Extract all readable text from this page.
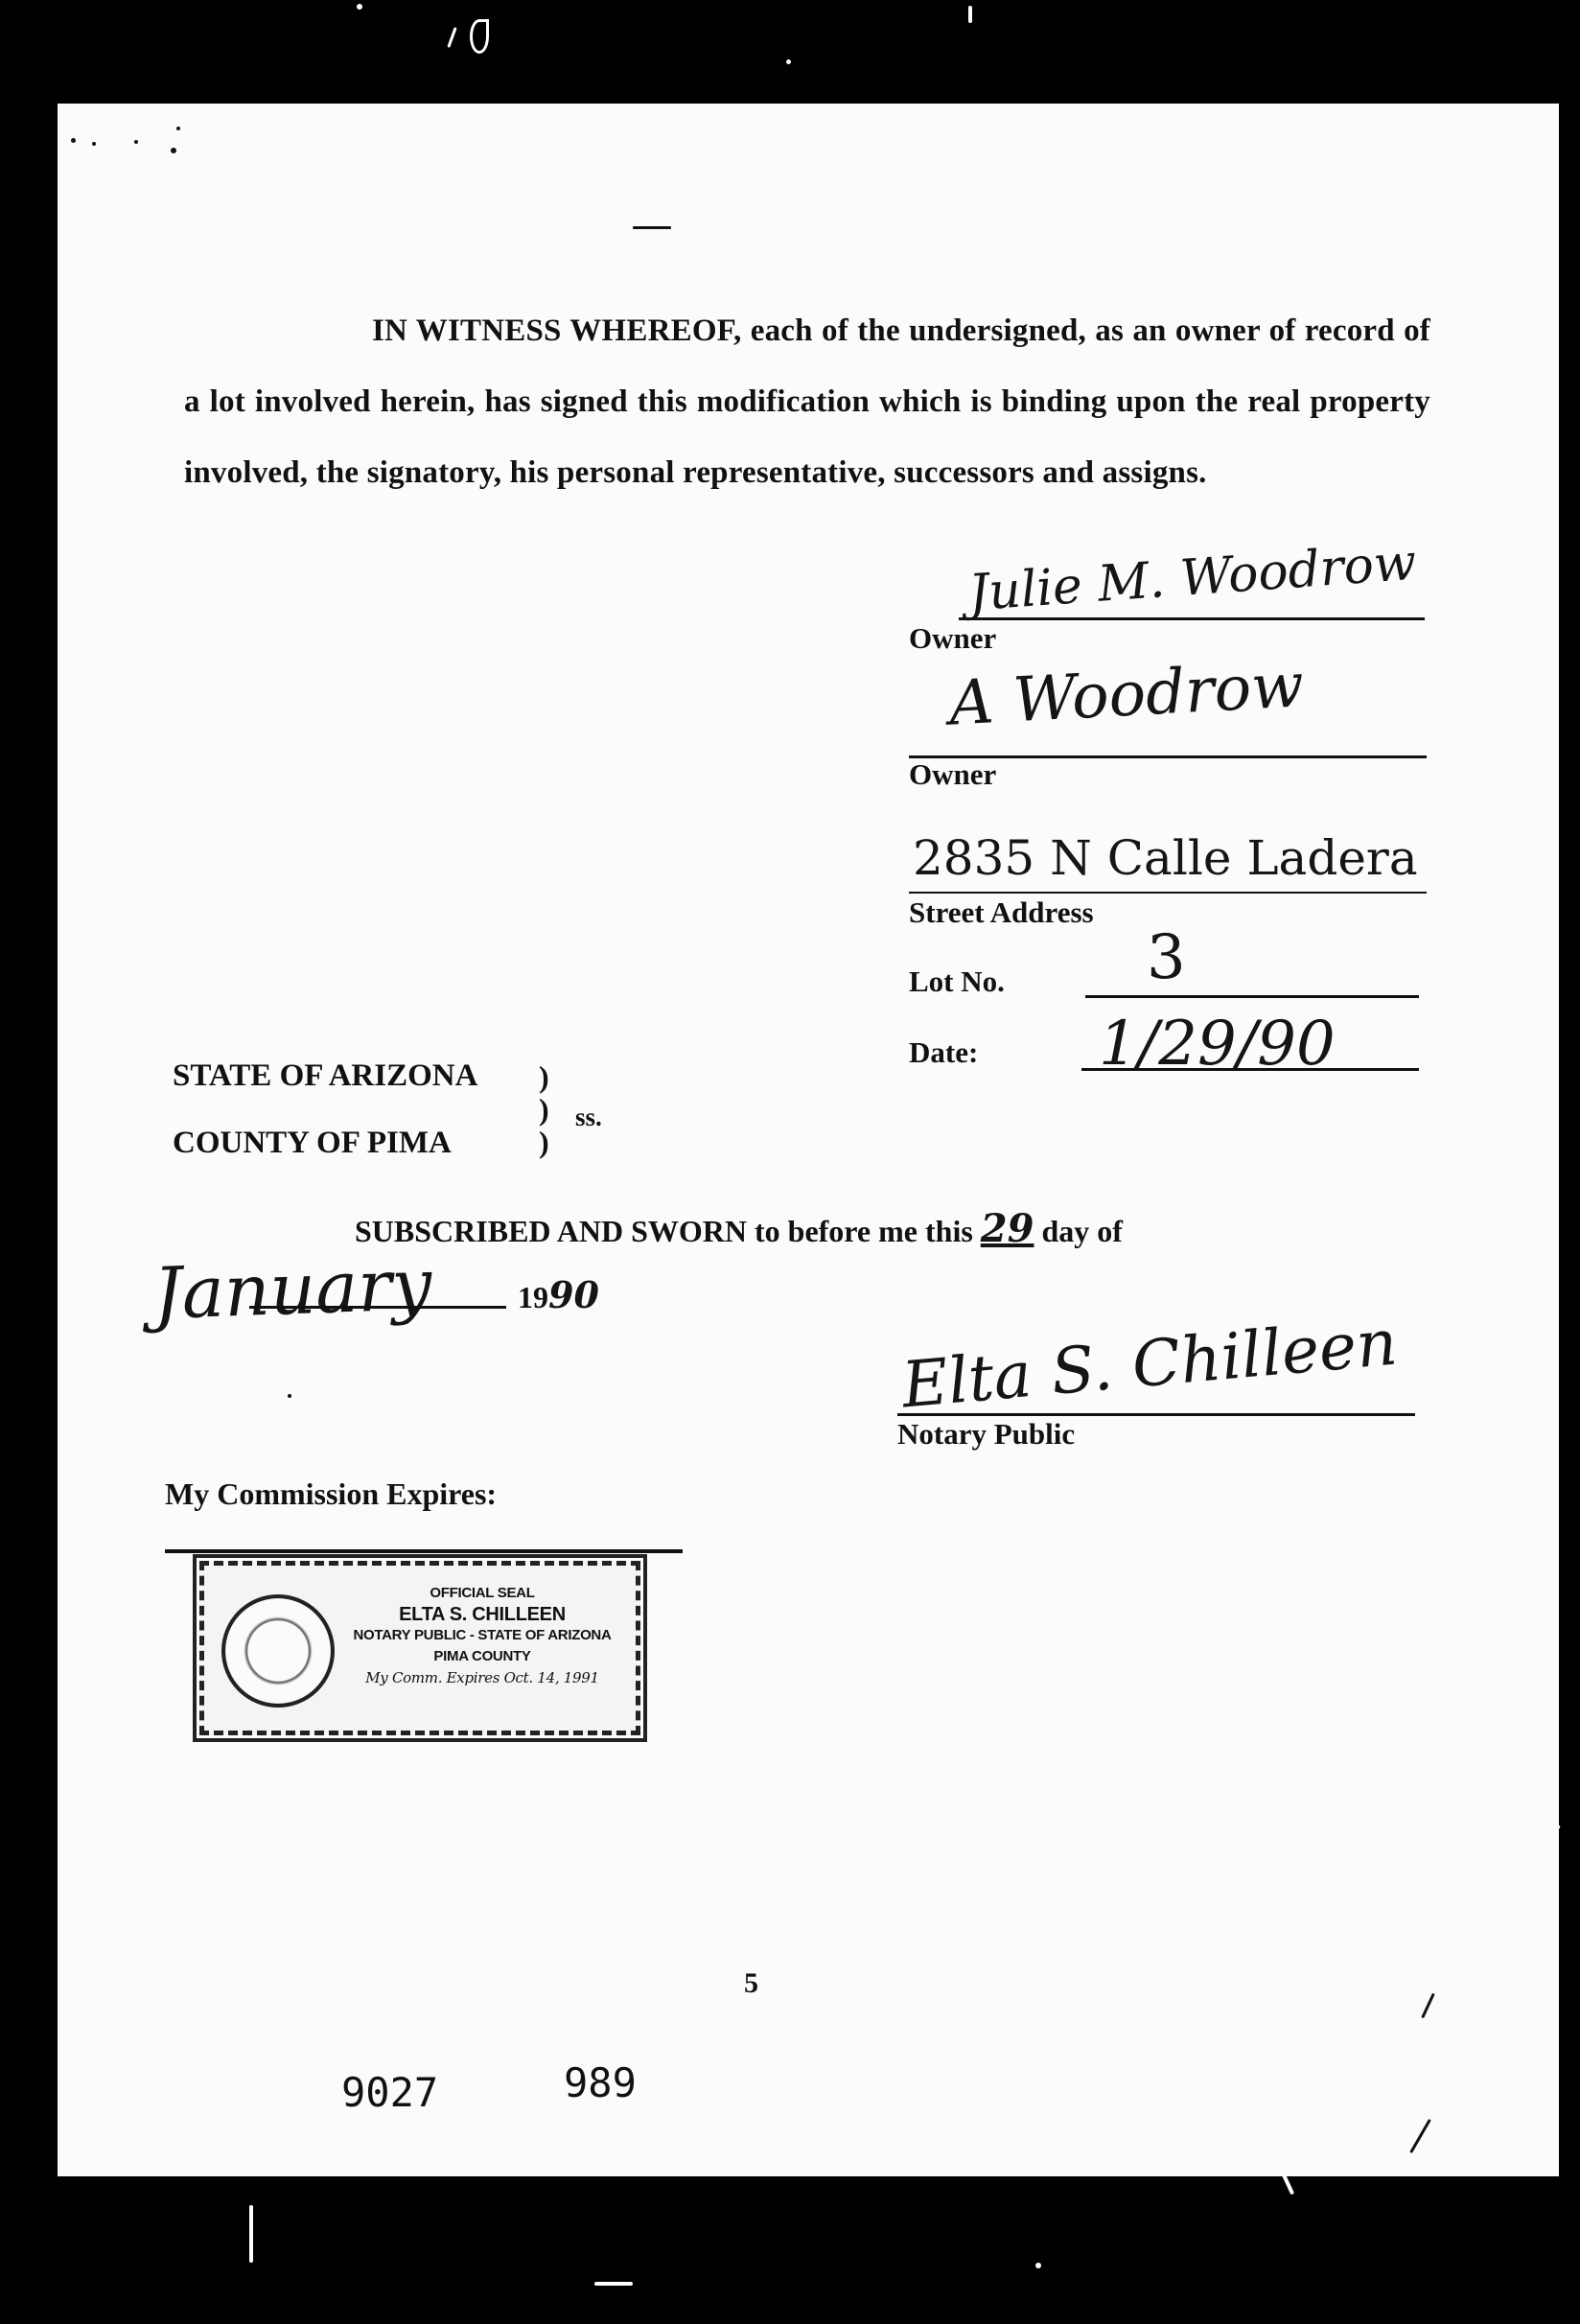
IN WITNESS WHEREOF, each of the undersigned, as an owner of record of a lot involved herein, has signed this modification which is binding upon the real property involved, the signatory, his personal representative, successors and assigns.
Julie M. Woodrow
Owner
A Woodrow
Owner
2835 N Calle Ladera
Street Address
Lot No. 3
Date: 1/29/90
STATE OF ARIZONA
COUNTY OF PIMA
)
)
)
ss.
SUBSCRIBED AND SWORN to before me this 29 day of
January	1990
Elta S. Chilleen
Notary Public
My Commission Expires:
OFFICIAL SEAL
ELTA S. CHILLEEN
NOTARY PUBLIC - STATE OF ARIZONA
PIMA COUNTY
My Comm. Expires Oct. 14, 1991
5
9027	989
